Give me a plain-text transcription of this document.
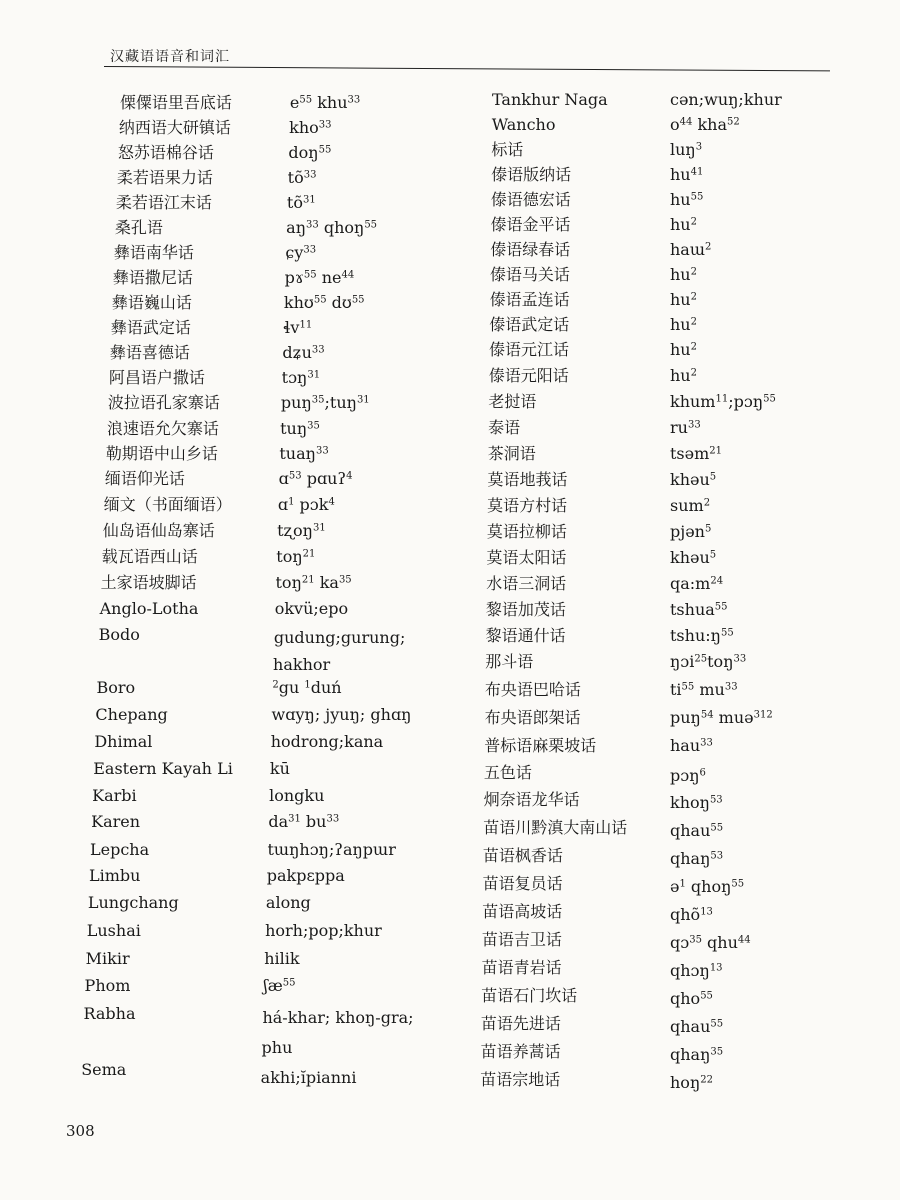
汉藏语语音和词汇
傈僳语里吾底话
纳西语大研镇话
怒苏语棉谷话
柔若语果力话
柔若语江末话
桑孔语
彝语南华话
彝语撒尼话
彝语巍山话
彝语武定话
彝语喜德话
阿昌语户撒话
波拉语孔家寨话
浪速语允欠寨话
勒期语中山乡话
缅语仰光话
缅文（书面缅语）
仙岛语仙岛寨话
载瓦语西山话
土家语坡脚话
Anglo-Lotha
Bodo
Boro
Chepang
Dhimal
Eastern Kayah Li
Karbi
Karen
Lepcha
Limbu
Lungchang
Lushai
Mikir
Phom
Rabha
Sema
$e^{55}$ khu$^{33}$
kho$^{33}$
doŋ$^{55}$
$tõ^{33}$
$tõ^{31}$
$aŋ^{33}$ qhoŋ$^{55}$
ɕy$^{33}$
pɤ$^{55}$ $ne^{44}$
khʊ$^{55}$ dʊ$^{55}$
ɬv$^{11}$
dʑu$^{33}$
tɔŋ$^{31}$
puŋ$^{35}$;tuŋ$^{31}$
tuŋ$^{35}$
tuaŋ$^{33}$
ɑ$^{53}$ pɑuʔ$^4$
ɑ$^1$ pɔk$^4$
tʐoŋ$^{31}$
toŋ$^{21}$
toŋ$^{21}$ $ka^{35}$
okvü;epo
gudung;gurung;
hakhor
$^2$gu $^1$duń
wɑyŋ; jyuŋ; ghɑŋ
hodrong;kana
kū
longku
$da^{31}$ $bu^{33}$
tɯŋhɔŋ;ʔaŋpɯr
pakpɛppa
along
horh;pop;khur
hilik
ʃæ$^{55}$
há-khar; khoŋ-gra;
phu
akhi;ĭpianni
Tankhur Naga
Wancho
标话
傣语版纳话
傣语德宏话
傣语金平话
傣语绿春话
傣语马关话
傣语孟连话
傣语武定话
傣语元江话
傣语元阳话
老挝语
泰语
茶洞语
莫语地莪话
莫语方村话
莫语拉柳话
莫语太阳话
水语三洞话
黎语加茂话
黎语通什话
那斗语
布央语巴哈话
布央语郎架话
普标语麻栗坡话
五色话
炯奈语龙华话
苗语川黔滇大南山话
苗语枫香话
苗语复员话
苗语高坡话
苗语吉卫话
苗语青岩话
苗语石门坎话
苗语先进话
苗语养蒿话
苗语宗地话
cən;wuŋ;khur
$o^{44}$ kha$^{52}$
luŋ$^3$
$hu^{41}$
$hu^{55}$
$hu^2$
haɯ$^2$
$hu^2$
$hu^2$
$hu^2$
$hu^2$
$hu^2$
khum$^{11}$;pɔŋ$^{55}$
$ru^{33}$
tsəm$^{21}$
khəu$^5$
sum$^2$
pjən$^5$
khəu$^5$
$qa:m^{24}$
tshua$^{55}$
$tshu:ŋ^{55}$
ŋɔi$^{25}$toŋ$^{33}$
$ti^{55}$ $mu^{33}$
puŋ$^{54}$ muə$^{312}$
hau$^{33}$
pɔŋ$^6$
khoŋ$^{53}$
qhau$^{55}$
qhaŋ$^{53}$
ə$^1$ qhoŋ$^{55}$
qhõ$^{13}$
qɔ$^{35}$ qhu$^{44}$
qhɔŋ$^{13}$
qho$^{55}$
qhau$^{55}$
qhaŋ$^{35}$
hoŋ$^{22}$
308
